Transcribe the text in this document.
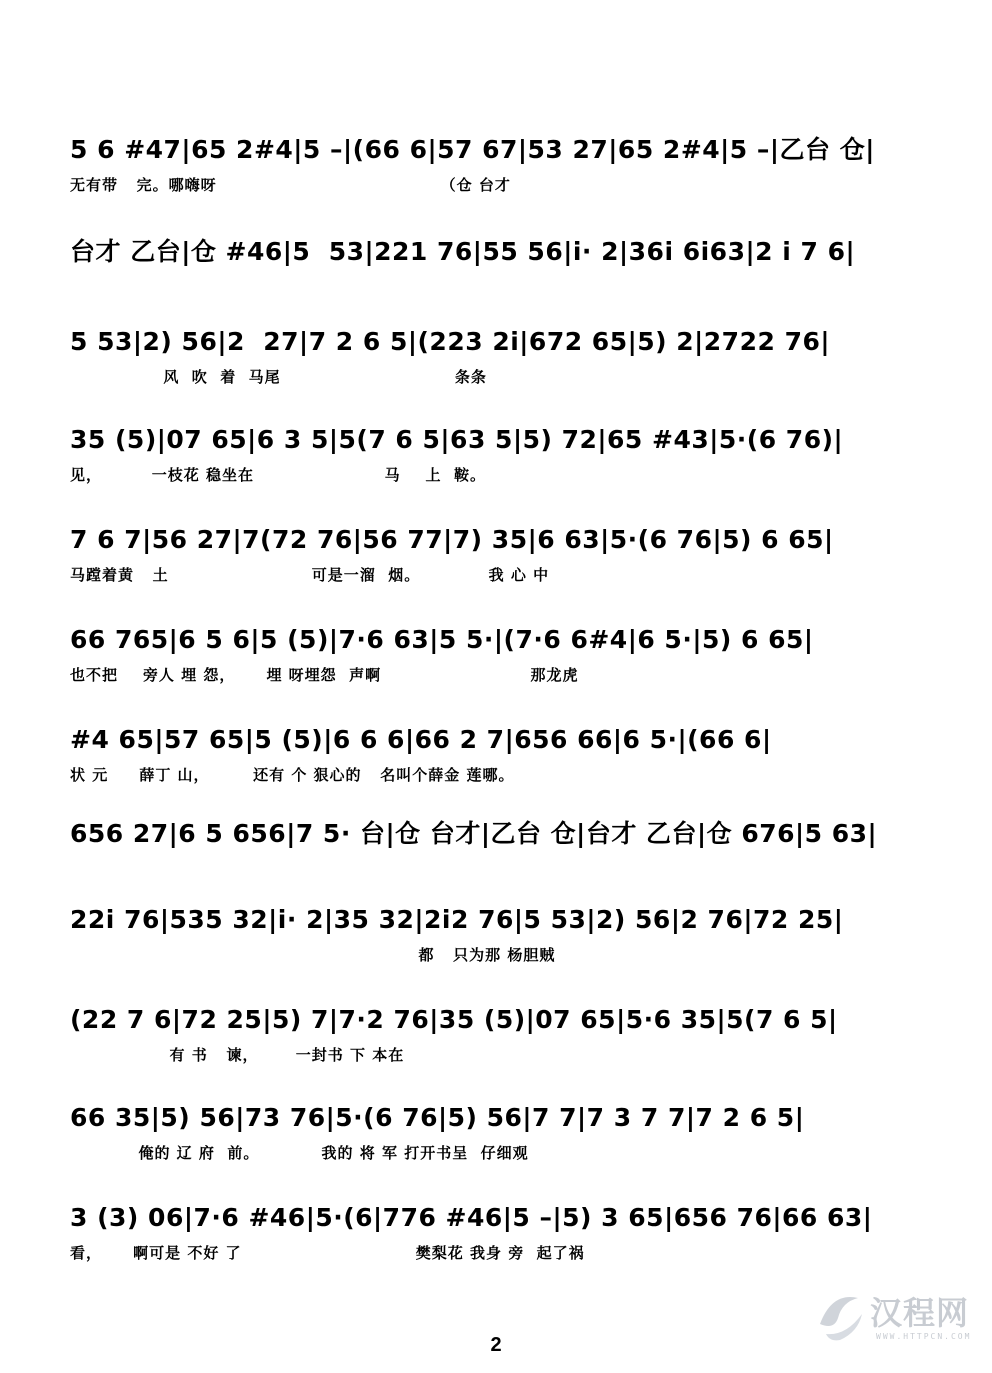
5 6 #47|65 2#4|5 –|(66 6|57 67|53 27|65 2#4|5 –|乙台 仓|
无有带   完。哪嗨呀                                    （仓 台才
台才 乙台|仓 #46|5  53|221 76|55 56|i· 2|36i 6i63|2 i 7 6|
5 53|2) 56|2  27|7 2 6 5|(223 2i|672 65|5) 2|2722 76|
风  吹  着  马尾                            条条
35 (5)|07 65|6 3 5|5(7 6 5|63 5|5) 72|65 #43|5·(6 76)|
见，        一枝花 稳坐在                     马    上  鞍。
7 6 7|56 27|7(72 76|56 77|7) 35|6 63|5·(6 76|5) 6 65|
马蹚着黄   土                       可是一溜  烟。           我 心 中
66 765|6 5 6|5 (5)|7·6 63|5 5·|(7·6 6#4|6 5·|5) 6 65|
也不把    旁人 埋 怨，     埋 呀埋怨  声啊                        那龙虎
#4 65|57 65|5 (5)|6 6 6|66 2 7|656 66|6 5·|(66 6|
状 元     薛丁 山，       还有 个 狠心的   名叫个薛金 莲哪。
656 27|6 5 656|7 5· 台|仓 台才|乙台 仓|台才 乙台|仓 676|5 63|
22i 76|535 32|i· 2|35 32|2i2 76|5 53|2) 56|2 76|72 25|
都   只为那 杨胆贼
(22 7 6|72 25|5) 7|7·2 76|35 (5)|07 65|5·6 35|5(7 6 5|
有 书   谏，      一封书 下 本在
66 35|5) 56|73 76|5·(6 76|5) 56|7 7|7 3 7 7|7 2 6 5|
俺的 辽 府  前。          我的 将 军 打开书呈  仔细观
3 (3) 06|7·6 #46|5·(6|776 #46|5 –|5) 3 65|656 76|66 63|
看，     啊可是 不好 了                            樊梨花 我身 旁  起了祸
2
汉程网
WWW.HTTPCN.COM
